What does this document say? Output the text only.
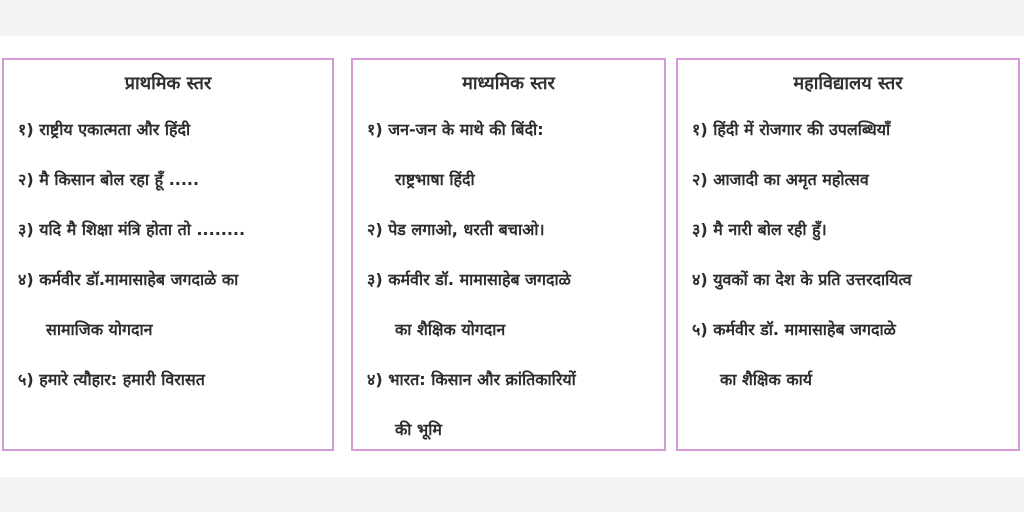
प्राथमिक स्तर
१) राष्ट्रीय एकात्मता और हिंदी
२) मै किसान बोल रहा हूँ .....
३) यदि मै शिक्षा मंत्रि होता तो ........
४) कर्मवीर डॉ.मामासाहेब जगदाळे का
सामाजिक योगदान
५) हमारे त्यौहार: हमारी विरासत
माध्यमिक स्तर
१) जन-जन के माथे की बिंदी:
राष्ट्रभाषा हिंदी
२) पेड लगाओ, धरती बचाओ।
३) कर्मवीर डॉ. मामासाहेब जगदाळे
का शैक्षिक योगदान
४) भारत: किसान और क्रांतिकारियों
की भूमि
महाविद्यालय स्तर
१) हिंदी में रोजगार की उपलब्धियाँ
२) आजादी का अमृत महोत्सव
३) मै नारी बोल रही हुँ।
४) युवकों का देश के प्रति उत्तरदायित्व
५) कर्मवीर डॉ. मामासाहेब जगदाळे
का शैक्षिक कार्य
